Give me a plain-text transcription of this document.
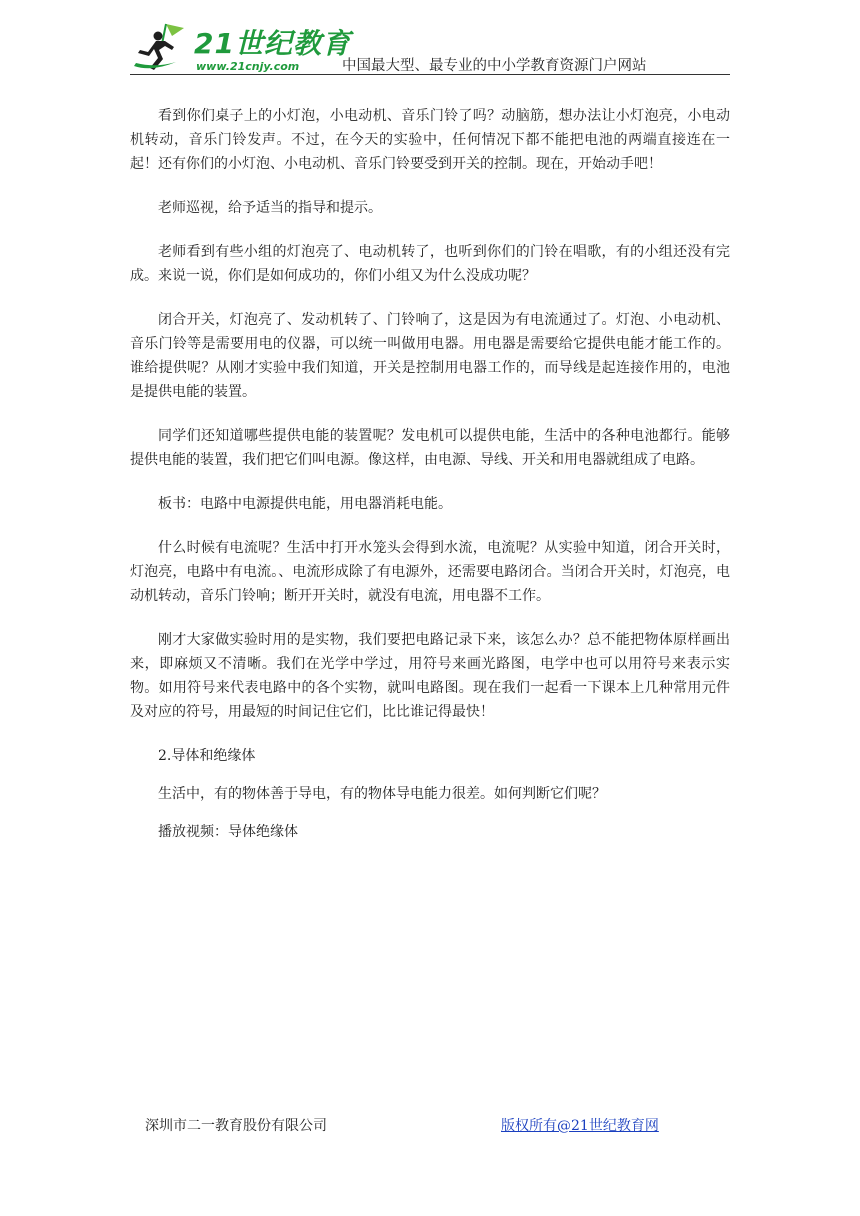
21世纪教育
www.21cnjy.com	中国最大型、最专业的中小学教育资源门户网站

看到你们桌子上的小灯泡，小电动机、音乐门铃了吗？动脑筋，想办法让小灯泡亮，小电动机转动，音乐门铃发声。不过，在今天的实验中，任何情况下都不能把电池的两端直接连在一起！还有你们的小灯泡、小电动机、音乐门铃要受到开关的控制。现在，开始动手吧！

老师巡视，给予适当的指导和提示。

老师看到有些小组的灯泡亮了、电动机转了，也听到你们的门铃在唱歌，有的小组还没有完成。来说一说，你们是如何成功的，你们小组又为什么没成功呢？

闭合开关，灯泡亮了、发动机转了、门铃响了，这是因为有电流通过了。灯泡、小电动机、音乐门铃等是需要用电的仪器，可以统一叫做用电器。用电器是需要给它提供电能才能工作的。谁给提供呢？从刚才实验中我们知道，开关是控制用电器工作的，而导线是起连接作用的，电池是提供电能的装置。

同学们还知道哪些提供电能的装置呢？发电机可以提供电能，生活中的各种电池都行。能够提供电能的装置，我们把它们叫电源。像这样，由电源、导线、开关和用电器就组成了电路。

板书：电路中电源提供电能，用电器消耗电能。

什么时候有电流呢？生活中打开水笼头会得到水流，电流呢？从实验中知道，闭合开关时，灯泡亮，电路中有电流。、电流形成除了有电源外，还需要电路闭合。当闭合开关时，灯泡亮，电动机转动，音乐门铃响；断开开关时，就没有电流，用电器不工作。

刚才大家做实验时用的是实物，我们要把电路记录下来，该怎么办？总不能把物体原样画出来，即麻烦又不清晰。我们在光学中学过，用符号来画光路图，电学中也可以用符号来表示实物。如用符号来代表电路中的各个实物，就叫电路图。现在我们一起看一下课本上几种常用元件及对应的符号，用最短的时间记住它们，比比谁记得最快！

2.导体和绝缘体

生活中，有的物体善于导电，有的物体导电能力很差。如何判断它们呢？

播放视频：导体绝缘体

深圳市二一教育股份有限公司	版权所有@21世纪教育网
